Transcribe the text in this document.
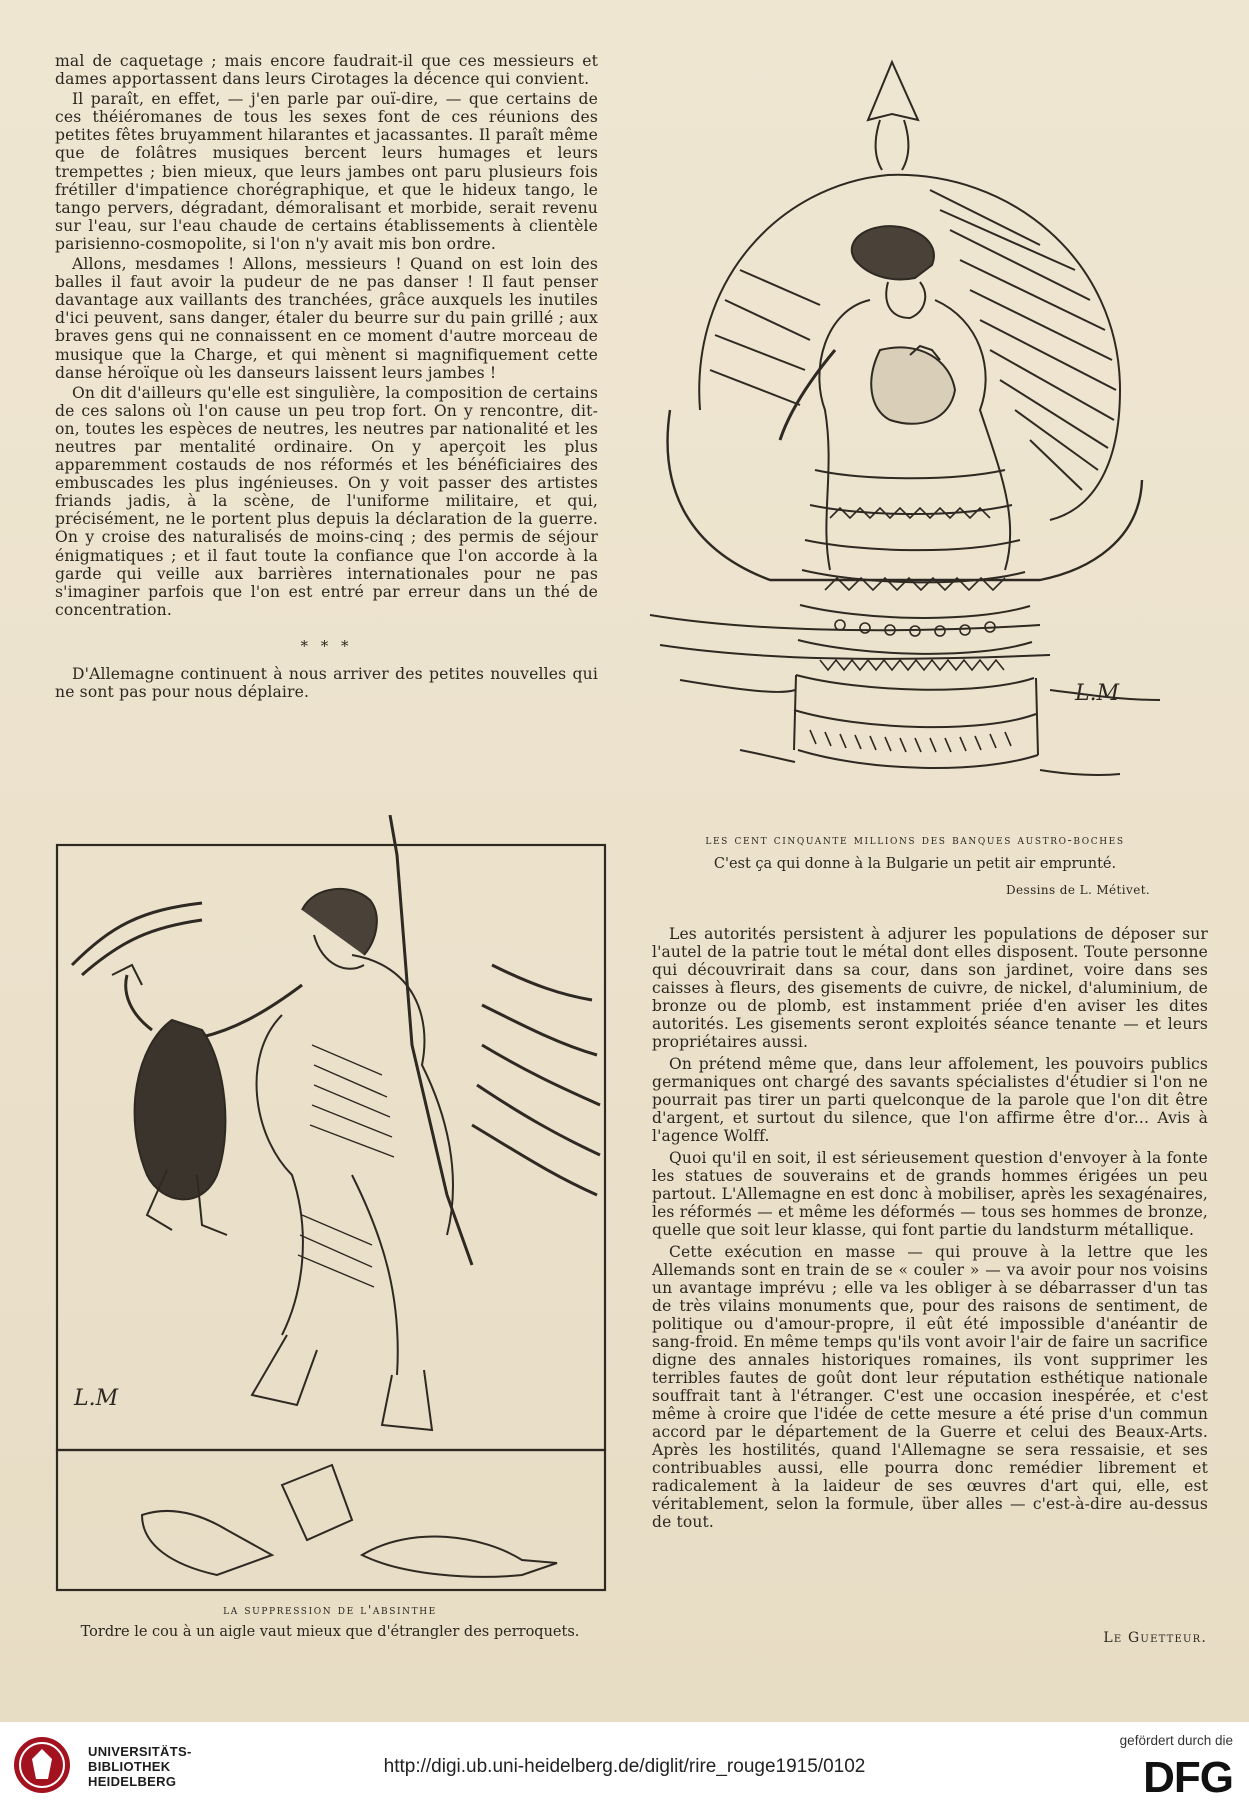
mal de caquetage ; mais encore faudrait-il que ces messieurs et dames apportassent dans leurs Cirotages la décence qui convient.

Il paraît, en effet, — j'en parle par ouï-dire, — que certains de ces théiéromanes de tous les sexes font de ces réunions des petites fêtes bruyamment hilarantes et jacassantes. Il paraît même que de folâtres musiques bercent leurs humages et leurs trempettes ; bien mieux, que leurs jambes ont paru plusieurs fois frétiller d'impatience chorégraphique, et que le hideux tango, le tango pervers, dégradant, démoralisant et morbide, serait revenu sur l'eau, sur l'eau chaude de certains établissements à clientèle parisienno-cosmopolite, si l'on n'y avait mis bon ordre.

Allons, mesdames ! Allons, messieurs ! Quand on est loin des balles il faut avoir la pudeur de ne pas danser ! Il faut penser davantage aux vaillants des tranchées, grâce auxquels les inutiles d'ici peuvent, sans danger, étaler du beurre sur du pain grillé ; aux braves gens qui ne connaissent en ce moment d'autre morceau de musique que la Charge, et qui mènent si magnifiquement cette danse héroïque où les danseurs laissent leurs jambes !

On dit d'ailleurs qu'elle est singulière, la composition de certains de ces salons où l'on cause un peu trop fort. On y rencontre, dit-on, toutes les espèces de neutres, les neutres par nationalité et les neutres par mentalité ordinaire. On y aperçoit les plus apparemment costauds de nos réformés et les bénéficiaires des embuscades les plus ingénieuses. On y voit passer des artistes friands jadis, à la scène, de l'uniforme militaire, et qui, précisément, ne le portent plus depuis la déclaration de la guerre. On y croise des naturalisés de moins-cinq ; des permis de séjour énigmatiques ; et il faut toute la confiance que l'on accorde à la garde qui veille aux barrières internationales pour ne pas s'imaginer parfois que l'on est entré par erreur dans un thé de concentration.

* * *

D'Allemagne continuent à nous arriver des petites nouvelles qui ne sont pas pour nous déplaire.	L.M
les cent cinquante millions des banques austro-boches
C'est ça qui donne à la Bulgarie un petit air emprunté.
Dessins de L. Métivet.
L.M
la suppression de l'absinthe
Tordre le cou à un aigle vaut mieux que d'étrangler des perroquets.

Les autorités persistent à adjurer les populations de déposer sur l'autel de la patrie tout le métal dont elles disposent. Toute personne qui découvrirait dans sa cour, dans son jardinet, voire dans ses caisses à fleurs, des gisements de cuivre, de nickel, d'aluminium, de bronze ou de plomb, est instamment priée d'en aviser les dites autorités. Les gisements seront exploités séance tenante — et leurs propriétaires aussi.

On prétend même que, dans leur affolement, les pouvoirs publics germaniques ont chargé des savants spécialistes d'étudier si l'on ne pourrait pas tirer un parti quelconque de la parole que l'on dit être d'argent, et surtout du silence, que l'on affirme être d'or... Avis à l'agence Wolff.

Quoi qu'il en soit, il est sérieusement question d'envoyer à la fonte les statues de souverains et de grands hommes érigées un peu partout. L'Allemagne en est donc à mobiliser, après les sexagénaires, les réformés — et même les déformés — tous ses hommes de bronze, quelle que soit leur klasse, qui font partie du landsturm métallique.

Cette exécution en masse — qui prouve à la lettre que les Allemands sont en train de se « couler » — va avoir pour nos voisins un avantage imprévu ; elle va les obliger à se débarrasser d'un tas de très vilains monuments que, pour des raisons de sentiment, de politique ou d'amour-propre, il eût été impossible d'anéantir de sang-froid. En même temps qu'ils vont avoir l'air de faire un sacrifice digne des annales historiques romaines, ils vont supprimer les terribles fautes de goût dont leur réputation esthétique nationale souffrait tant à l'étranger. C'est une occasion inespérée, et c'est même à croire que l'idée de cette mesure a été prise d'un commun accord par le département de la Guerre et celui des Beaux-Arts. Après les hostilités, quand l'Allemagne se sera ressaisie, et ses contribuables aussi, elle pourra donc remédier librement et radicalement à la laideur de ses œuvres d'art qui, elle, est véritablement, selon la formule, über alles — c'est-à-dire au-dessus de tout.

Le Guetteur.
UNIVERSITÄTS-
BIBLIOTHEK
HEIDELBERG
http://digi.ub.uni-heidelberg.de/diglit/rire_rouge1915/0102
gefördert durch die
DFG
